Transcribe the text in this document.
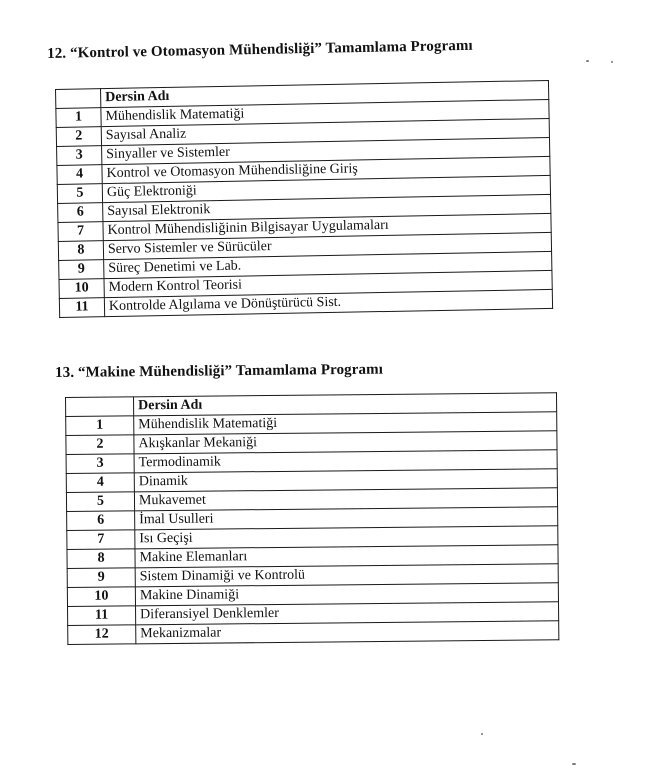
12. “Kontrol ve Otomasyon Mühendisliği” Tamamlama Programı
	Dersin Adı
1	Mühendislik Matematiği
2	Sayısal Analiz
3	Sinyaller ve Sistemler
4	Kontrol ve Otomasyon Mühendisliğine Giriş
5	Güç Elektroniği
6	Sayısal Elektronik
7	Kontrol Mühendisliğinin Bilgisayar Uygulamaları
8	Servo Sistemler ve Sürücüler
9	Süreç Denetimi ve Lab.
10	Modern Kontrol Teorisi
11	Kontrolde Algılama ve Dönüştürücü Sist.
13. “Makine Mühendisliği” Tamamlama Programı
	Dersin Adı
1	Mühendislik Matematiği
2	Akışkanlar Mekaniği
3	Termodinamik
4	Dinamik
5	Mukavemet
6	İmal Usulleri
7	Isı Geçişi
8	Makine Elemanları
9	Sistem Dinamiği ve Kontrolü
10	Makine Dinamiği
11	Diferansiyel Denklemler
12	Mekanizmalar
